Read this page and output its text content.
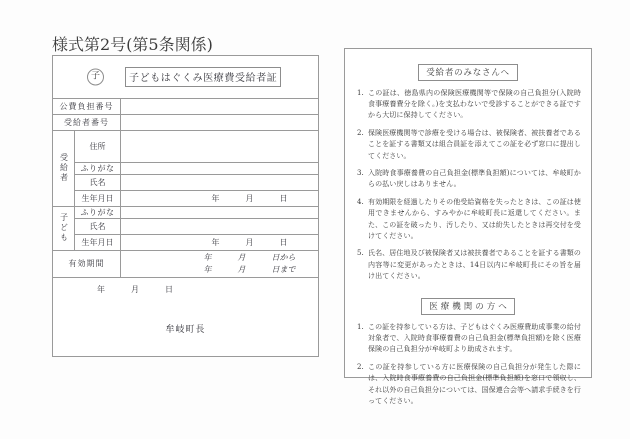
様式第2号(第5条関係)
子 子どもはぐくみ医療費受給者証		

公費負担番号		
受給者番号		
受給者	住所	
	ふりがな	
	氏名	
	生年月日	年 月 日
子ども	ふりがな	
	氏名	
	生年月日	年 月 日
有効期間		年 月 日から
年 月 日まで

年 月 日
牟岐町長		
受給者のみなさんへ
1. この証は、徳島県内の保険医療機関等で保険の自己負担分(入院時食事療養費分を除く。)を支払わないで受診することができる証ですから大切に保持してください。
2. 保険医療機関等で診療を受ける場合は、被保険者、被扶養者であることを証する書類又は組合員証を添えてこの証を必ず窓口に提出してください。
3. 入院時食事療養費の自己負担金(標準負担額)については、牟岐町からの払い戻しはありません。
4. 有効期限を経過したりその他受給資格を失ったときは、この証は使用できませんから、すみやかに牟岐町長に返還してください。また、この証を破ったり、汚したり、又は紛失したときは再交付を受けてください。
5. 氏名、居住地及び被保険者又は被扶養者であることを証する書類の内容等に変更があったときは、14日以内に牟岐町長にその旨を届け出てください。
医療機関の方へ
1. この証を持参している方は、子どもはぐくみ医療費助成事業の給付対象者で、入院時食事療養費の自己負担金(標準負担額)を除く医療保険の自己負担分が牟岐町より助成されます。
2. この証を持参している方に医療保険の自己負担分が発生した際には、入院時食事療養費の自己負担金(標準負担額)を窓口で領収し、それ以外の自己負担分については、国保連合会等へ請求手続きを行ってください。
